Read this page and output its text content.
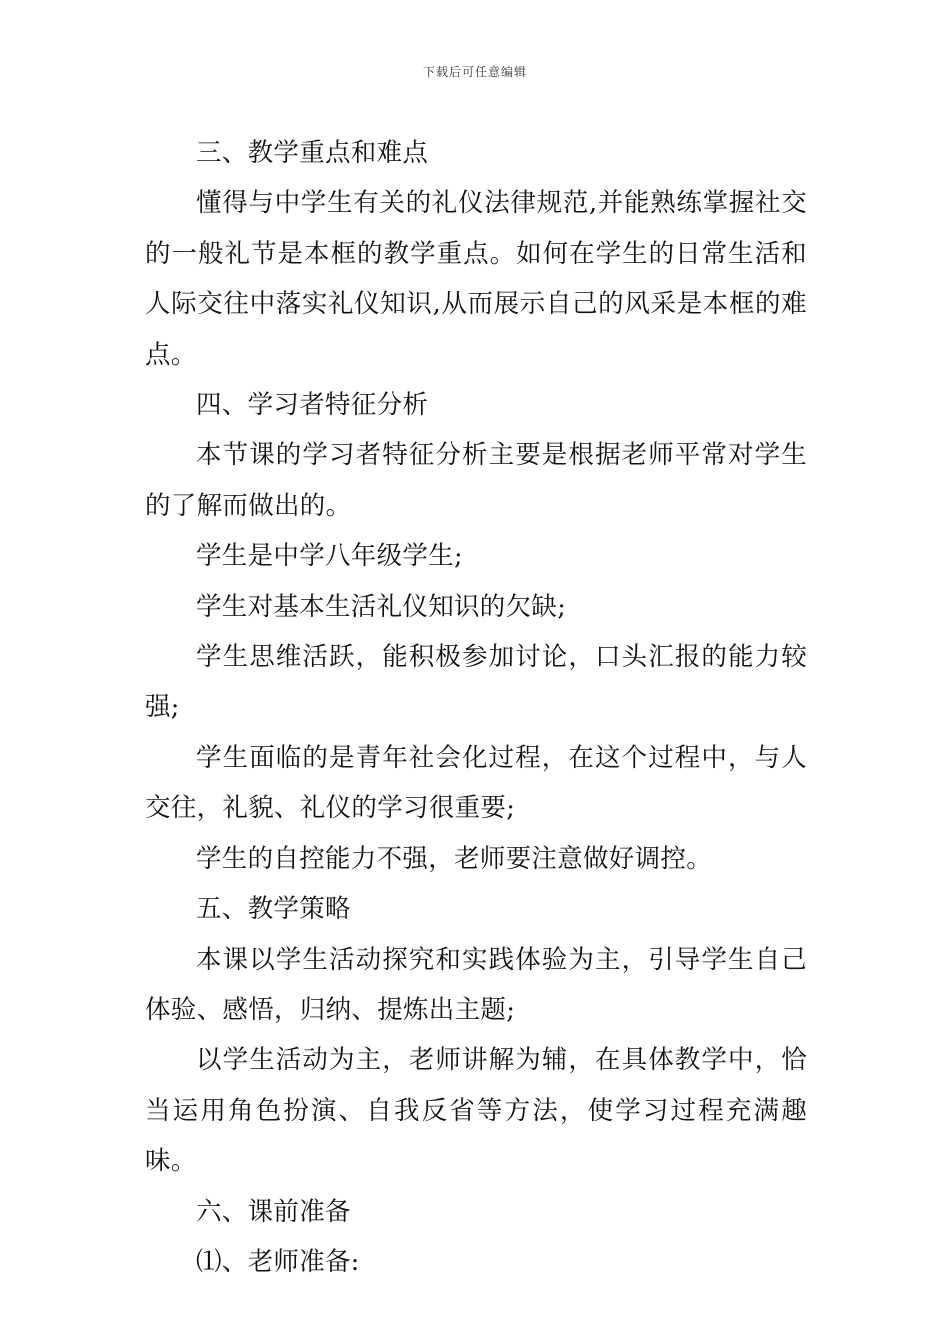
下载后可任意编辑

三、教学重点和难点

懂得与中学生有关的礼仪法律规范,并能熟练掌握社交的一般礼节是本框的教学重点。如何在学生的日常生活和人际交往中落实礼仪知识,从而展示自己的风采是本框的难点。

四、学习者特征分析

本节课的学习者特征分析主要是根据老师平常对学生的了解而做出的。

学生是中学八年级学生;

学生对基本生活礼仪知识的欠缺;

学生思维活跃，能积极参加讨论，口头汇报的能力较强;

学生面临的是青年社会化过程，在这个过程中，与人交往，礼貌、礼仪的学习很重要;

学生的自控能力不强，老师要注意做好调控。

五、教学策略

本课以学生活动探究和实践体验为主，引导学生自己体验、感悟，归纳、提炼出主题;

以学生活动为主，老师讲解为辅，在具体教学中，恰当运用角色扮演、自我反省等方法，使学习过程充满趣味。

六、课前准备

⑴、老师准备:
